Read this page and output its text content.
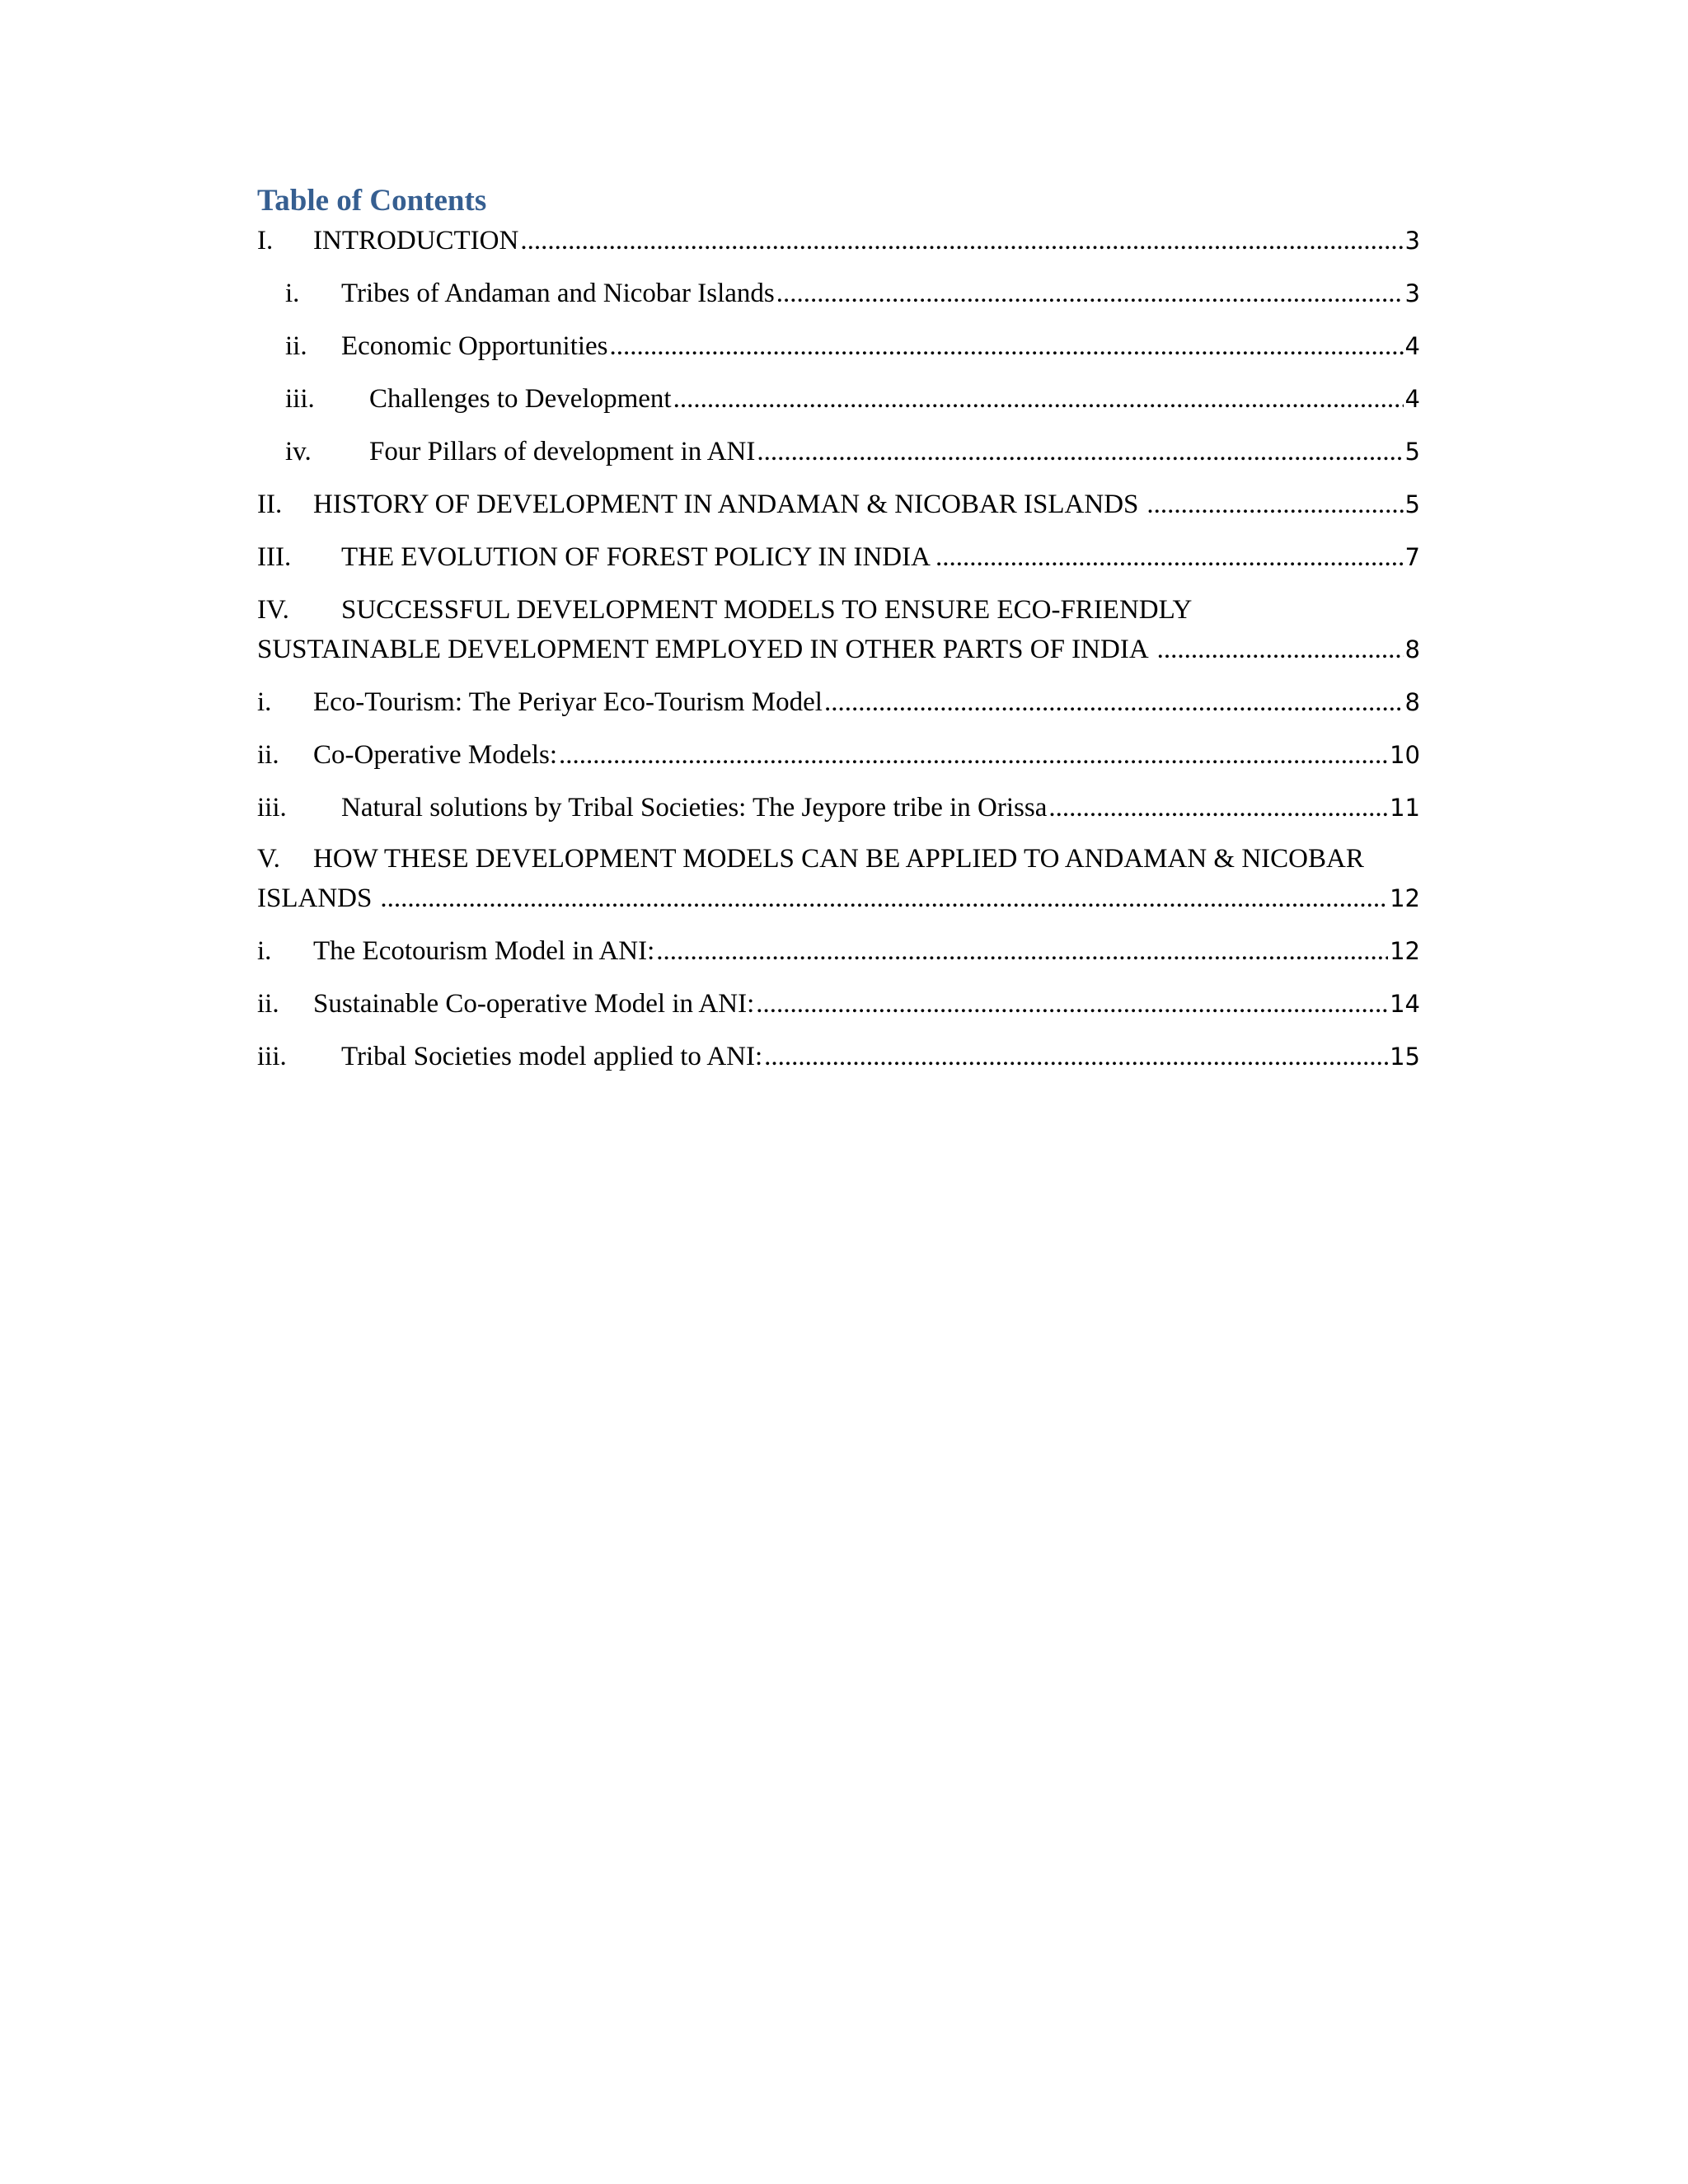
Table of Contents
I.	INTRODUCTION .....	3
i.	Tribes of Andaman and Nicobar Islands .....	3
ii.	Economic Opportunities .....	4
iii.	Challenges to Development .....	4
iv.	Four Pillars of development in ANI .....	5
II.	HISTORY OF DEVELOPMENT IN ANDAMAN & NICOBAR ISLANDS .....	5
III.	THE EVOLUTION OF FOREST POLICY IN INDIA .....	7
IV. SUCCESSFUL DEVELOPMENT MODELS TO ENSURE ECO-FRIENDLY
SUSTAINABLE DEVELOPMENT EMPLOYED IN OTHER PARTS OF INDIA .....	8
i.	Eco-Tourism: The Periyar Eco-Tourism Model .....	8
ii.	Co-Operative Models: .....	10
iii.	Natural solutions by Tribal Societies: The Jeypore tribe in Orissa .....	11
V. HOW THESE DEVELOPMENT MODELS CAN BE APPLIED TO ANDAMAN & NICOBAR
ISLANDS .....	12
i.	The Ecotourism Model in ANI: .....	12
ii.	Sustainable Co-operative Model in ANI: .....	14
iii.	Tribal Societies model applied to ANI: .....	15
